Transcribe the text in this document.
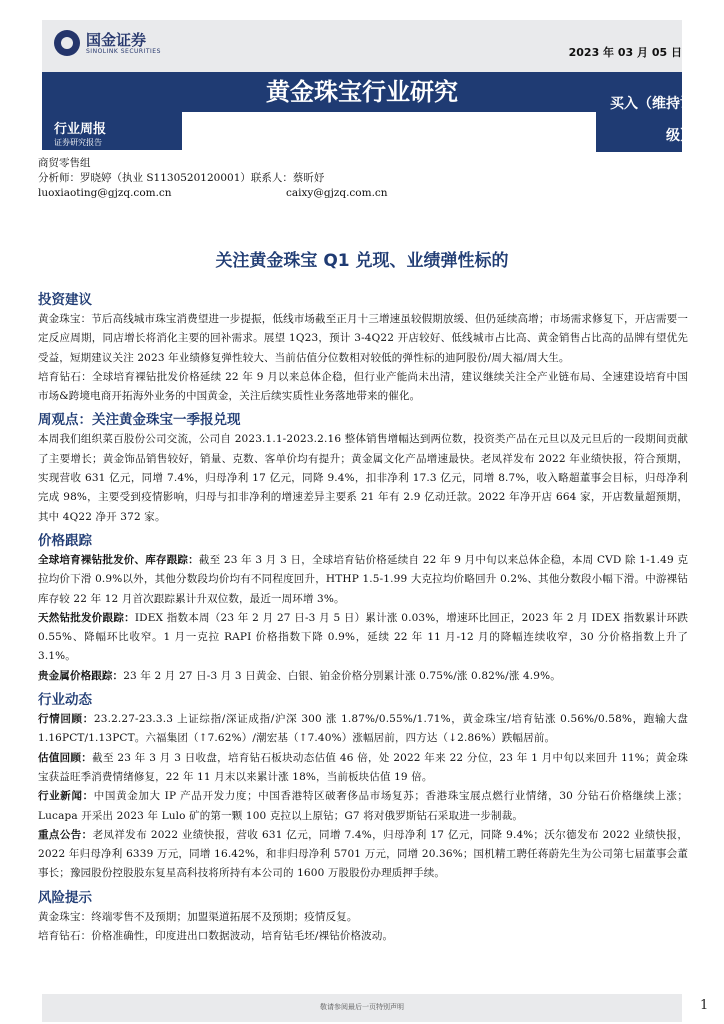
国金证券
SINOLINK SECURITIES	2023 年 03 月 05 日
黄金珠宝行业研究
行业周报
证券研究报告
买入（维持评
级）
商贸零售组
分析师：罗晓婷（执业 S1130520120001）联系人：蔡昕妤
luoxiaoting@gjzq.com.cn	caixy@gjzq.com.cn
关注黄金珠宝 Q1 兑现、业绩弹性标的
投资建议

黄金珠宝：节后高线城市珠宝消费望进一步提振，低线市场截至正月十三增速虽较假期放缓、但仍延续高增；市场需求修复下，开店需要一定反应周期，同店增长将消化主要的回补需求。展望 1Q23，预计 3-4Q22 开店较好、低线城市占比高、黄金销售占比高的品牌有望优先受益，短期建议关注 2023 年业绩修复弹性较大、当前估值分位数相对较低的弹性标的迪阿股份/周大福/周大生。

培育钻石：全球培育裸钻批发价格延续 22 年 9 月以来总体企稳，但行业产能尚未出清，建议继续关注全产业链布局、全速建设培育中国市场&跨境电商开拓海外业务的中国黄金，关注后续实质性业务落地带来的催化。

周观点：关注黄金珠宝一季报兑现

本周我们组织菜百股份公司交流，公司自 2023.1.1-2023.2.16 整体销售增幅达到两位数，投资类产品在元旦以及元旦后的一段期间贡献了主要增长；黄金饰品销售较好，销量、克数、客单价均有提升；黄金属文化产品增速最快。老凤祥发布 2022 年业绩快报，符合预期，实现营收 631 亿元，同增 7.4%，归母净利 17 亿元，同降 9.4%，扣非净利 17.3 亿元，同增 8.7%，收入略超董事会目标，归母净利完成 98%，主要受到疫情影响，归母与扣非净利的增速差异主要系 21 年有 2.9 亿动迁款。2022 年净开店 664 家，开店数量超预期，其中 4Q22 净开 372 家。

价格跟踪

全球培育裸钻批发价、库存跟踪：截至 23 年 3 月 3 日，全球培育钻价格延续自 22 年 9 月中旬以来总体企稳，本周 CVD 除 1-1.49 克拉均价下滑 0.9%以外，其他分数段均价均有不同程度回升，HTHP 1.5-1.99 大克拉均价略回升 0.2%、其他分数段小幅下滑。中游裸钻库存较 22 年 12 月首次跟踪累计升双位数，最近一周环增 3%。

天然钻批发价跟踪：IDEX 指数本周（23 年 2 月 27 日-3 月 5 日）累计涨 0.03%，增速环比回正，2023 年 2 月 IDEX 指数累计环跌 0.55%、降幅环比收窄。1 月一克拉 RAPI 价格指数下降 0.9%，延续 22 年 11 月-12 月的降幅连续收窄，30 分价格指数上升了 3.1%。

贵金属价格跟踪：23 年 2 月 27 日-3 月 3 日黄金、白银、铂金价格分别累计涨 0.75%/涨 0.82%/涨 4.9%。

行业动态

行情回顾：23.2.27-23.3.3 上证综指/深证成指/沪深 300 涨 1.87%/0.55%/1.71%，黄金珠宝/培育钻涨 0.56%/0.58%，跑输大盘 1.16PCT/1.13PCT。六福集团（↑7.62%）/潮宏基（↑7.40%）涨幅居前，四方达（↓2.86%）跌幅居前。

估值回顾：截至 23 年 3 月 3 日收盘，培育钻石板块动态估值 46 倍，处 2022 年来 22 分位，23 年 1 月中旬以来回升 11%；黄金珠宝获益旺季消费情绪修复，22 年 11 月末以来累计涨 18%，当前板块估值 19 倍。

行业新闻：中国黄金加大 IP 产品开发力度；中国香港特区破奢侈品市场复苏；香港珠宝展点燃行业情绪，30 分钻石价格继续上涨；Lucapa 开采出 2023 年 Lulo 矿的第一颗 100 克拉以上原钻；G7 将对俄罗斯钻石采取进一步制裁。

重点公告：老凤祥发布 2022 业绩快报，营收 631 亿元，同增 7.4%，归母净利 17 亿元，同降 9.4%；沃尔德发布 2022 业绩快报，2022 年归母净利 6339 万元，同增 16.42%，和非归母净利 5701 万元，同增 20.36%；国机精工聘任蒋蔚先生为公司第七届董事会董事长；豫园股份控股股东复星高科技将所持有本公司的 1600 万股股份办理质押手续。

风险提示

黄金珠宝：终端零售不及预期；加盟渠道拓展不及预期；疫情反复。

培育钻石：价格准确性，印度进出口数据波动，培育钻毛坯/裸钻价格波动。

敬请参阅最后一页特别声明	1
